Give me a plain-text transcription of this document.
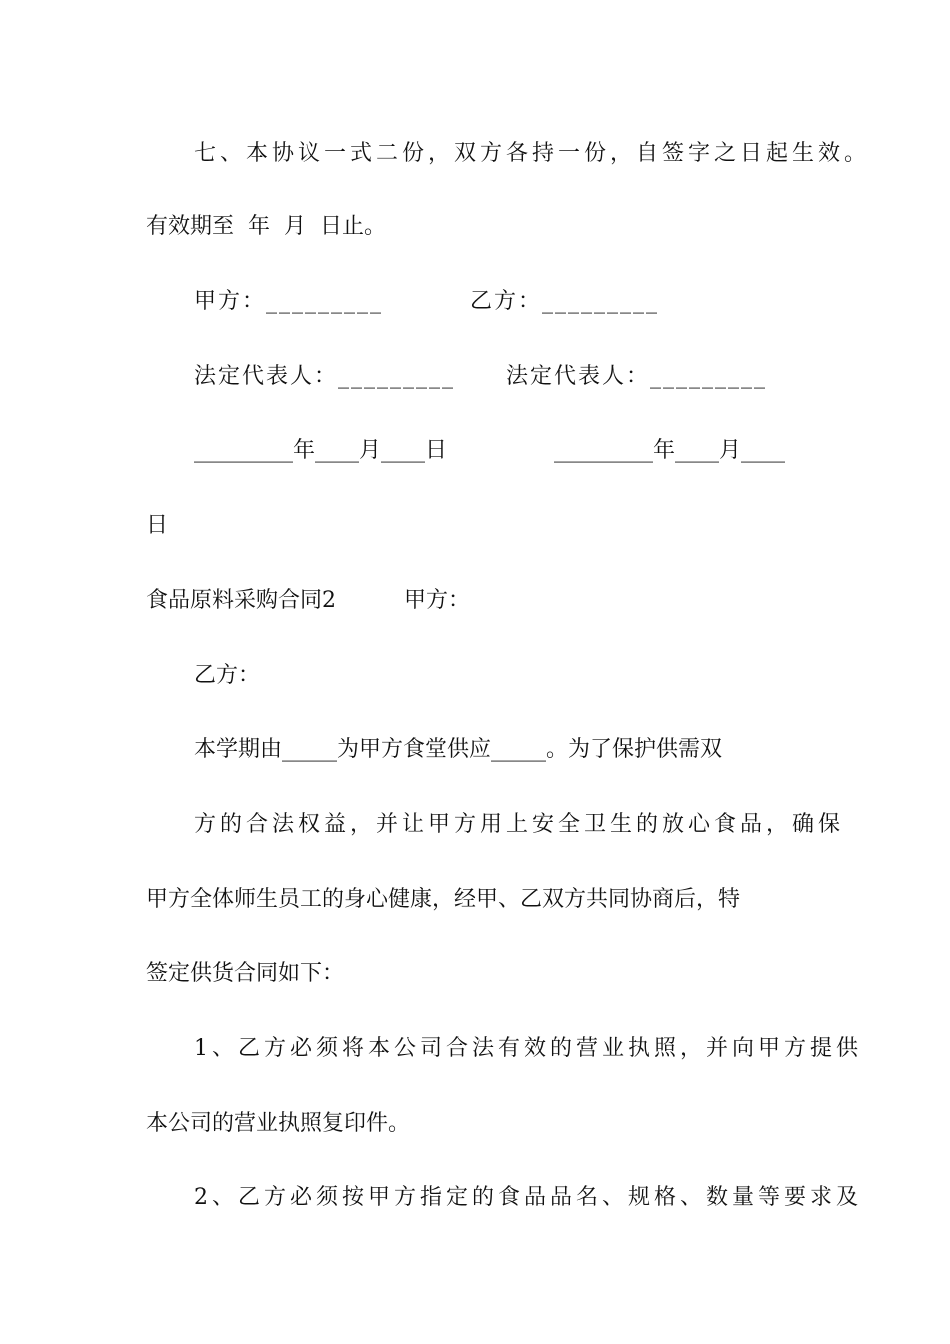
七、本协议一式二份，双方各持一份，自签字之日起生效。
有效期至  年  月  日止。
甲方：_________	乙方：_________
法定代表人：_________ 法定代表人：_________
_________年____月____日	_________年____月____
日
食品原料采购合同2	甲方：
乙方：
本学期由_____为甲方食堂供应_____。为了保护供需双
方的合法权益，并让甲方用上安全卫生的放心食品，确保
甲方全体师生员工的身心健康，经甲、乙双方共同协商后，特
签定供货合同如下：
1、乙方必须将本公司合法有效的营业执照，并向甲方提供
本公司的营业执照复印件。
2、乙方必须按甲方指定的食品品名、规格、数量等要求及
